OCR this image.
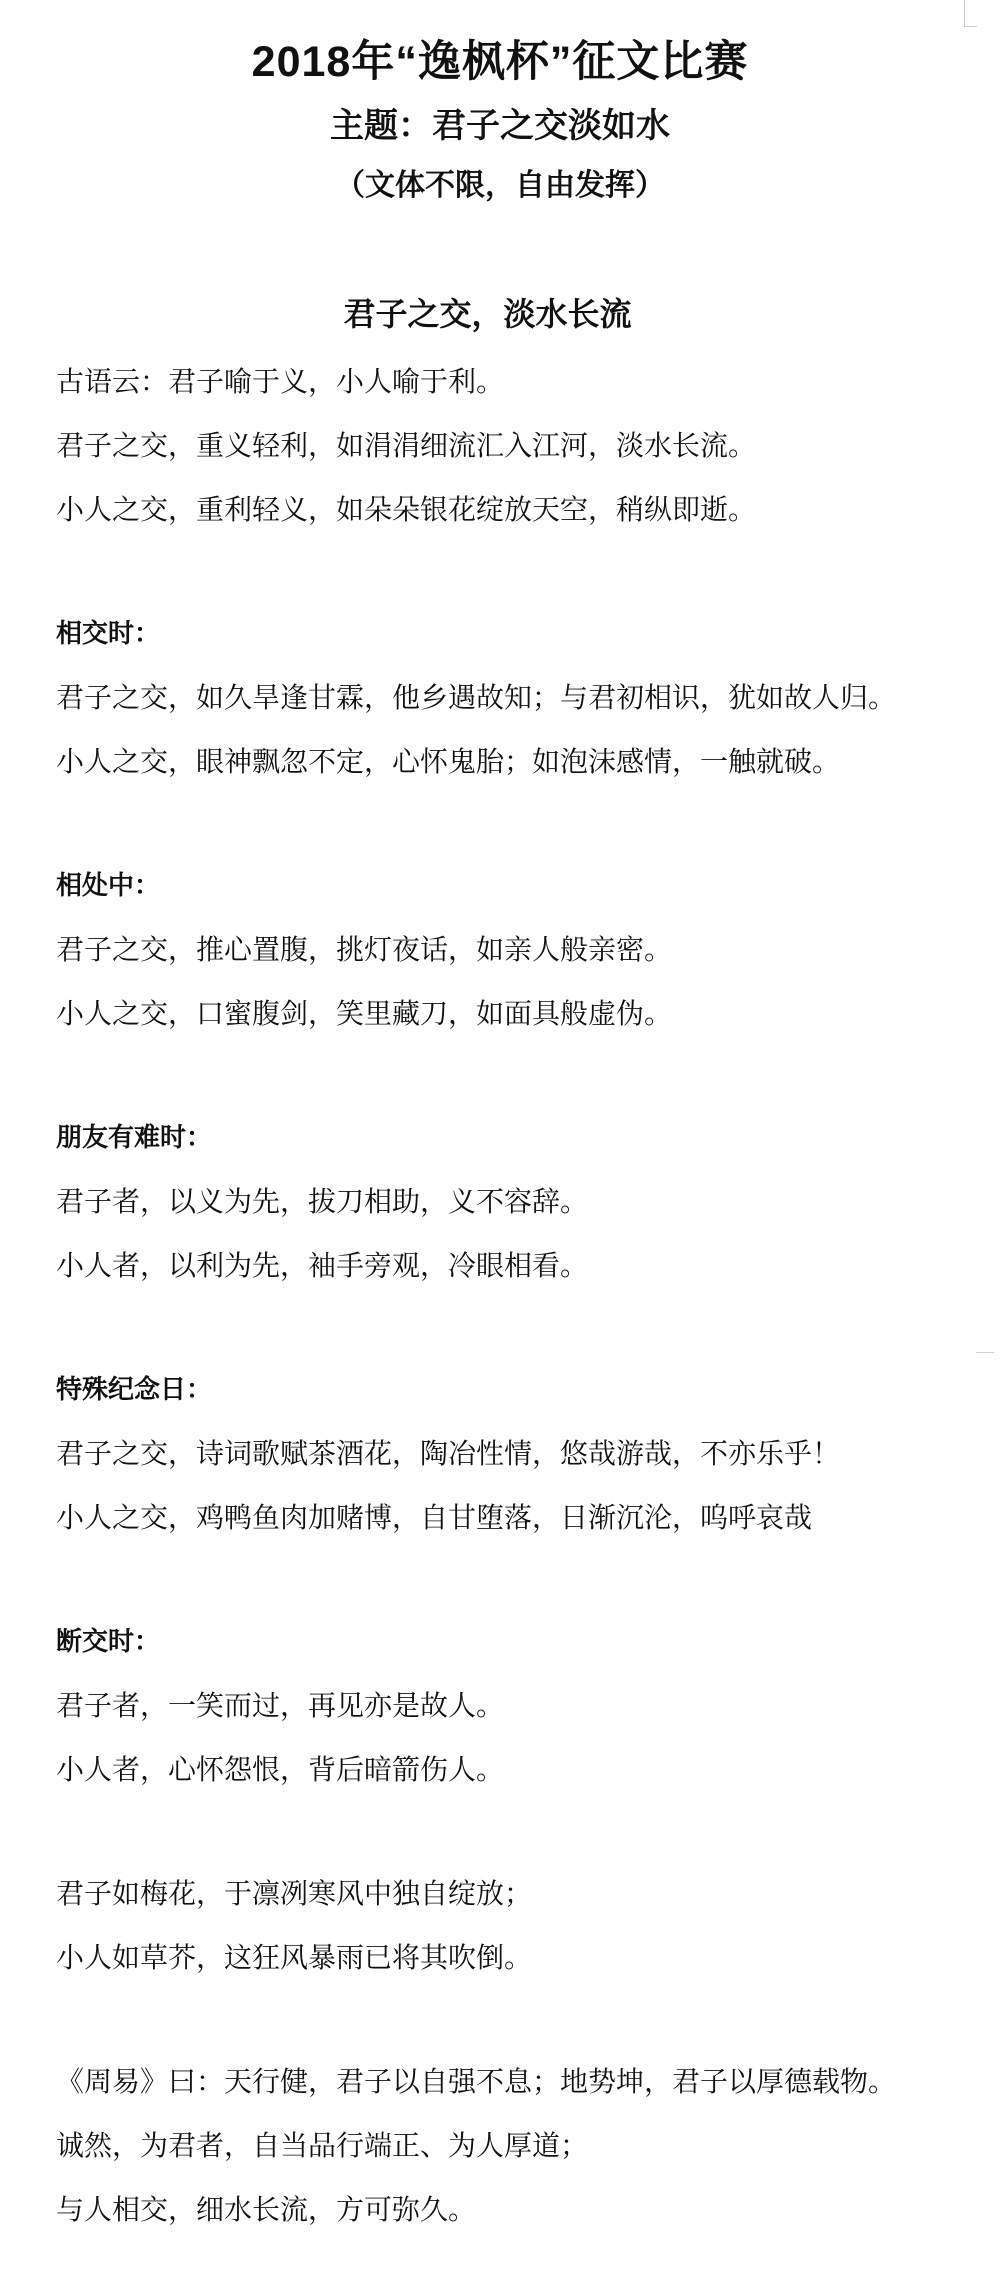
2018年“逸枫杯”征文比赛
主题：君子之交淡如水
（文体不限，自由发挥）
君子之交，淡水长流
古语云：君子喻于义，小人喻于利。
君子之交，重义轻利，如涓涓细流汇入江河，淡水长流。
小人之交，重利轻义，如朵朵银花绽放天空，稍纵即逝。
相交时：
君子之交，如久旱逢甘霖，他乡遇故知；与君初相识，犹如故人归。
小人之交，眼神飘忽不定，心怀鬼胎；如泡沫感情，一触就破。
相处中：
君子之交，推心置腹，挑灯夜话，如亲人般亲密。
小人之交，口蜜腹剑，笑里藏刀，如面具般虚伪。
朋友有难时：
君子者，以义为先，拔刀相助，义不容辞。
小人者，以利为先，袖手旁观，冷眼相看。
特殊纪念日：
君子之交，诗词歌赋茶酒花，陶冶性情，悠哉游哉，不亦乐乎！
小人之交，鸡鸭鱼肉加赌博，自甘堕落，日渐沉沦，呜呼哀哉
断交时：
君子者，一笑而过，再见亦是故人。
小人者，心怀怨恨，背后暗箭伤人。
君子如梅花，于凛冽寒风中独自绽放；
小人如草芥，这狂风暴雨已将其吹倒。
《周易》曰：天行健，君子以自强不息；地势坤，君子以厚德载物。
诚然，为君者，自当品行端正、为人厚道；
与人相交，细水长流，方可弥久。
